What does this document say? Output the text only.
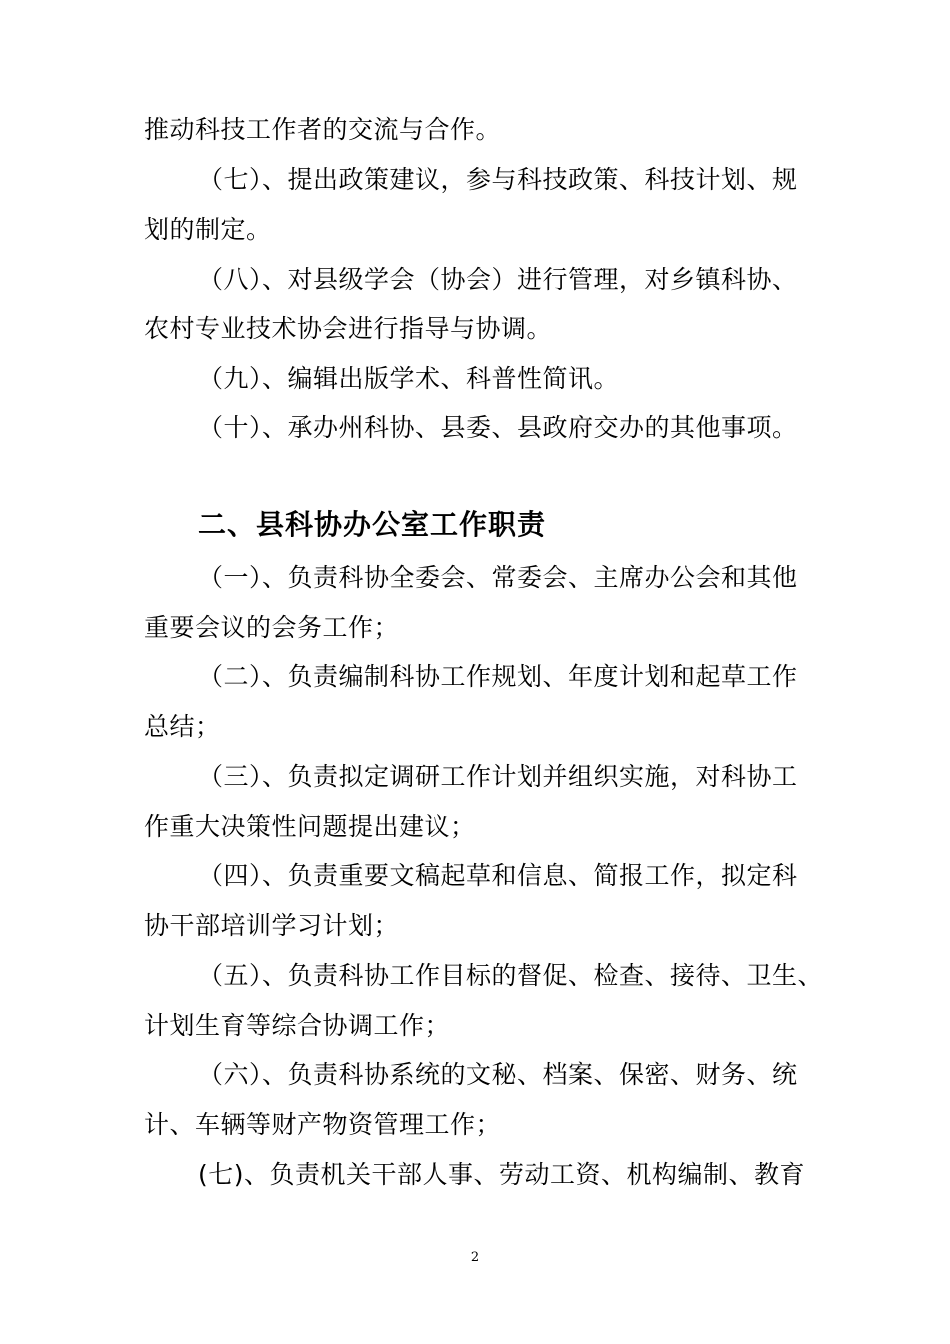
推动科技工作者的交流与合作。
（七）、提出政策建议，参与科技政策、科技计划、规
划的制定。
（八）、对县级学会（协会）进行管理，对乡镇科协、
农村专业技术协会进行指导与协调。
（九）、编辑出版学术、科普性简讯。
（十）、承办州科协、县委、县政府交办的其他事项。
二、县科协办公室工作职责
（一）、负责科协全委会、常委会、主席办公会和其他
重要会议的会务工作；
（二）、负责编制科协工作规划、年度计划和起草工作
总结；
（三）、负责拟定调研工作计划并组织实施，对科协工
作重大决策性问题提出建议；
（四）、负责重要文稿起草和信息、简报工作，拟定科
协干部培训学习计划；
（五）、负责科协工作目标的督促、检查、接待、卫生、
计划生育等综合协调工作；
（六）、负责科协系统的文秘、档案、保密、财务、统
计、车辆等财产物资管理工作；
(七)、负责机关干部人事、劳动工资、机构编制、教育
2
